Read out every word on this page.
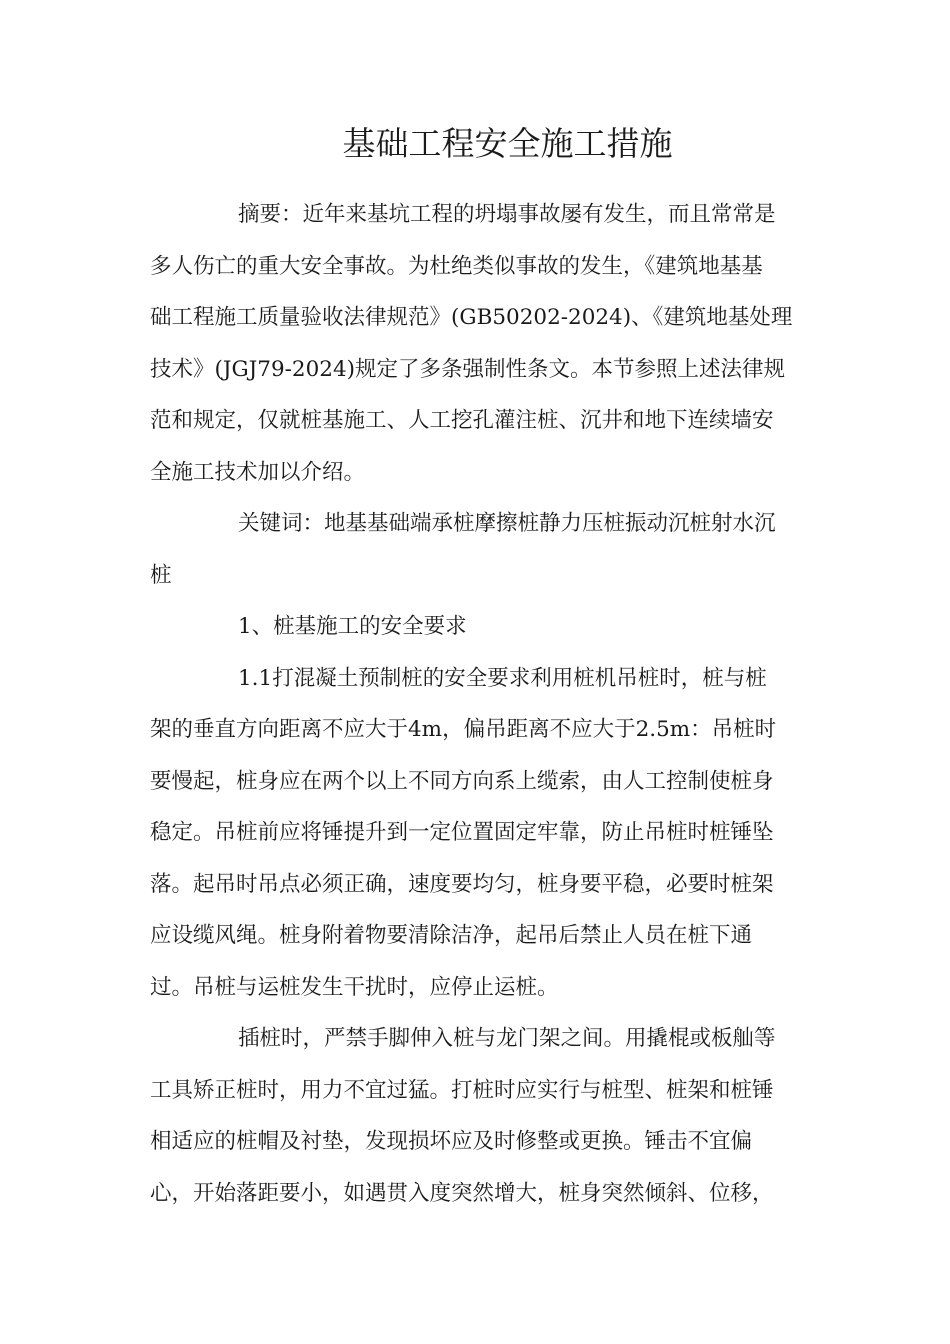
基础工程安全施工措施
摘要：近年来基坑工程的坍塌事故屡有发生，而且常常是
多人伤亡的重大安全事故。为杜绝类似事故的发生，《建筑地基基
础工程施工质量验收法律规范》(GB50202-2024)、《建筑地基处理
技术》(JGJ79-2024)规定了多条强制性条文。本节参照上述法律规
范和规定，仅就桩基施工、人工挖孔灌注桩、沉井和地下连续墙安
全施工技术加以介绍。
关键词：地基基础端承桩摩擦桩静力压桩振动沉桩射水沉
桩
1、桩基施工的安全要求
1.1打混凝土预制桩的安全要求利用桩机吊桩时，桩与桩
架的垂直方向距离不应大于4m，偏吊距离不应大于2.5m：吊桩时
要慢起，桩身应在两个以上不同方向系上缆索，由人工控制使桩身
稳定。吊桩前应将锤提升到一定位置固定牢靠，防止吊桩时桩锤坠
落。起吊时吊点必须正确，速度要均匀，桩身要平稳，必要时桩架
应设缆风绳。桩身附着物要清除洁净，起吊后禁止人员在桩下通
过。吊桩与运桩发生干扰时，应停止运桩。
插桩时，严禁手脚伸入桩与龙门架之间。用撬棍或板舢等
工具矫正桩时，用力不宜过猛。打桩时应实行与桩型、桩架和桩锤
相适应的桩帽及衬垫，发现损坏应及时修整或更换。锤击不宜偏
心，开始落距要小，如遇贯入度突然增大，桩身突然倾斜、位移，
